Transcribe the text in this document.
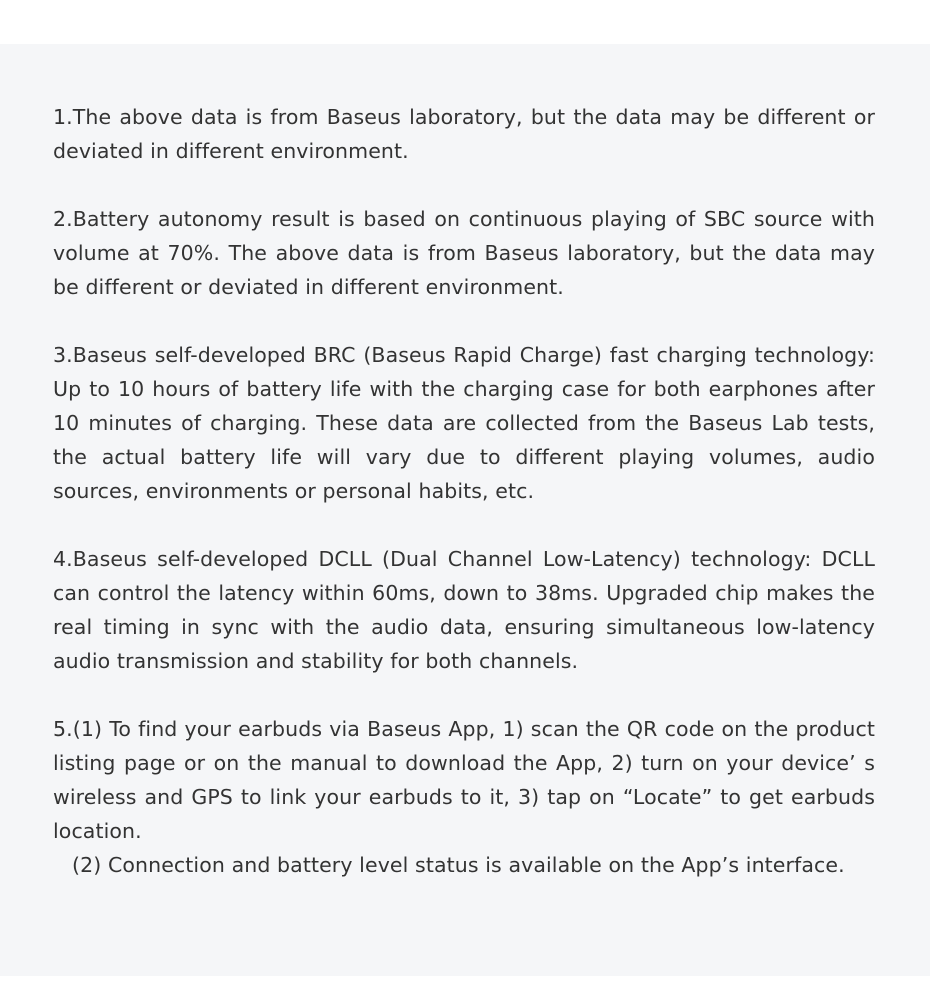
1.The above data is from Baseus laboratory, but the data may be different or deviated in different environment.

2.Battery autonomy result is based on continuous playing of SBC source with volume at 70%. The above data is from Baseus laboratory, but the data may be different or deviated in different environment.

3.Baseus self-developed BRC (Baseus Rapid Charge) fast charging technology: Up to 10 hours of battery life with the charging case for both earphones after 10 minutes of charging. These data are collected from the Baseus Lab tests, the actual battery life will vary due to different playing volumes, audio sources, environments or personal habits, etc.

4.Baseus self-developed DCLL (Dual Channel Low-Latency) technology: DCLL can control the latency within 60ms, down to 38ms. Upgraded chip makes the real timing in sync with the audio data, ensuring simultaneous low-latency audio transmission and stability for both channels.

5.(1) To find your earbuds via Baseus App, 1) scan the QR code on the product listing page or on the manual to download the App, 2) turn on your device’ s wireless and GPS to link your earbuds to it, 3) tap on “Locate” to get earbuds location.
(2) Connection and battery level status is available on the App’s interface.
